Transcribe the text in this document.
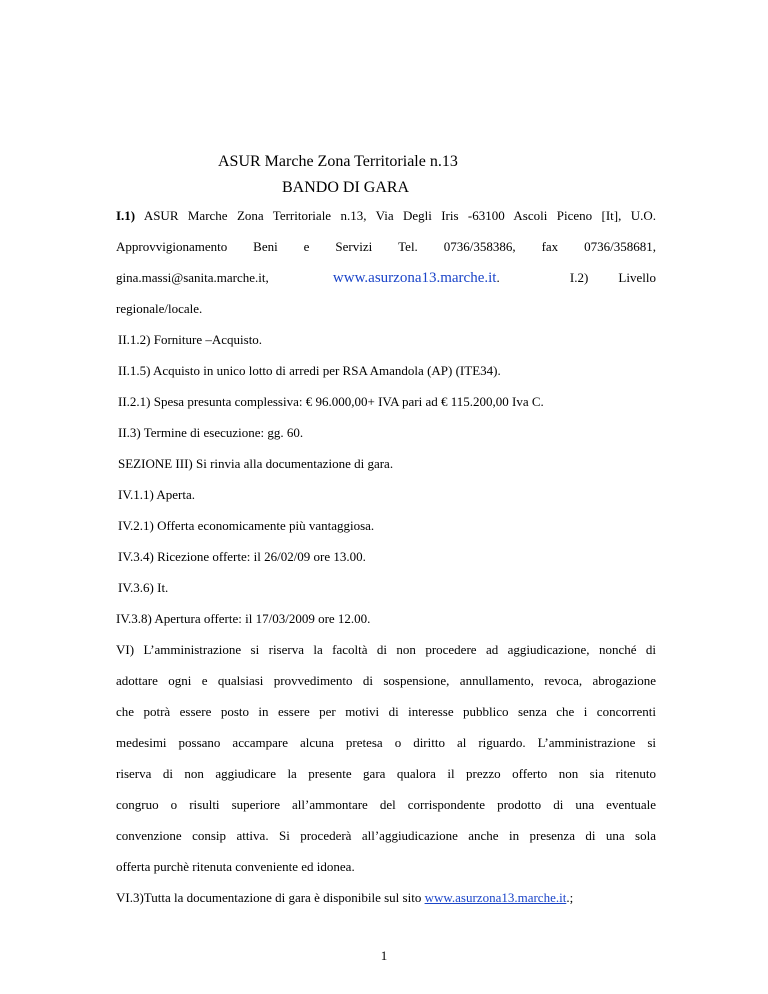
ASUR Marche Zona Territoriale n.13
BANDO DI GARA
I.1) ASUR Marche Zona Territoriale n.13, Via Degli Iris -63100 Ascoli Piceno [It], U.O.
Approvvigionamento Beni e Servizi Tel. 0736/358386, fax 0736/358681,
gina.massi@sanita.marche.it,	www.asurzona13.marche.it.	I.2) Livello
regionale/locale.
II.1.2) Forniture –Acquisto.
II.1.5) Acquisto in unico lotto di arredi per RSA Amandola (AP) (ITE34).
II.2.1) Spesa presunta complessiva: € 96.000,00+ IVA pari ad € 115.200,00 Iva C.
II.3) Termine di esecuzione: gg. 60.
SEZIONE III) Si rinvia alla documentazione di gara.
IV.1.1) Aperta.
IV.2.1) Offerta economicamente più vantaggiosa.
IV.3.4) Ricezione offerte: il 26/02/09 ore 13.00.
IV.3.6) It.
IV.3.8) Apertura offerte: il 17/03/2009 ore 12.00.
VI) L’amministrazione si riserva la facoltà di non procedere ad aggiudicazione, nonché di
adottare ogni e qualsiasi provvedimento di sospensione, annullamento, revoca, abrogazione
che potrà essere posto in essere per motivi di interesse pubblico senza che i concorrenti
medesimi possano accampare alcuna pretesa o diritto al riguardo. L’amministrazione si
riserva di non aggiudicare la presente gara qualora il prezzo offerto non sia ritenuto
congruo o risulti superiore all’ammontare del corrispondente prodotto di una eventuale
convenzione consip attiva. Si procederà all’aggiudicazione anche in presenza di una sola
offerta purchè ritenuta conveniente ed idonea.
VI.3)Tutta la documentazione di gara è disponibile sul sito www.asurzona13.marche.it.;
1
